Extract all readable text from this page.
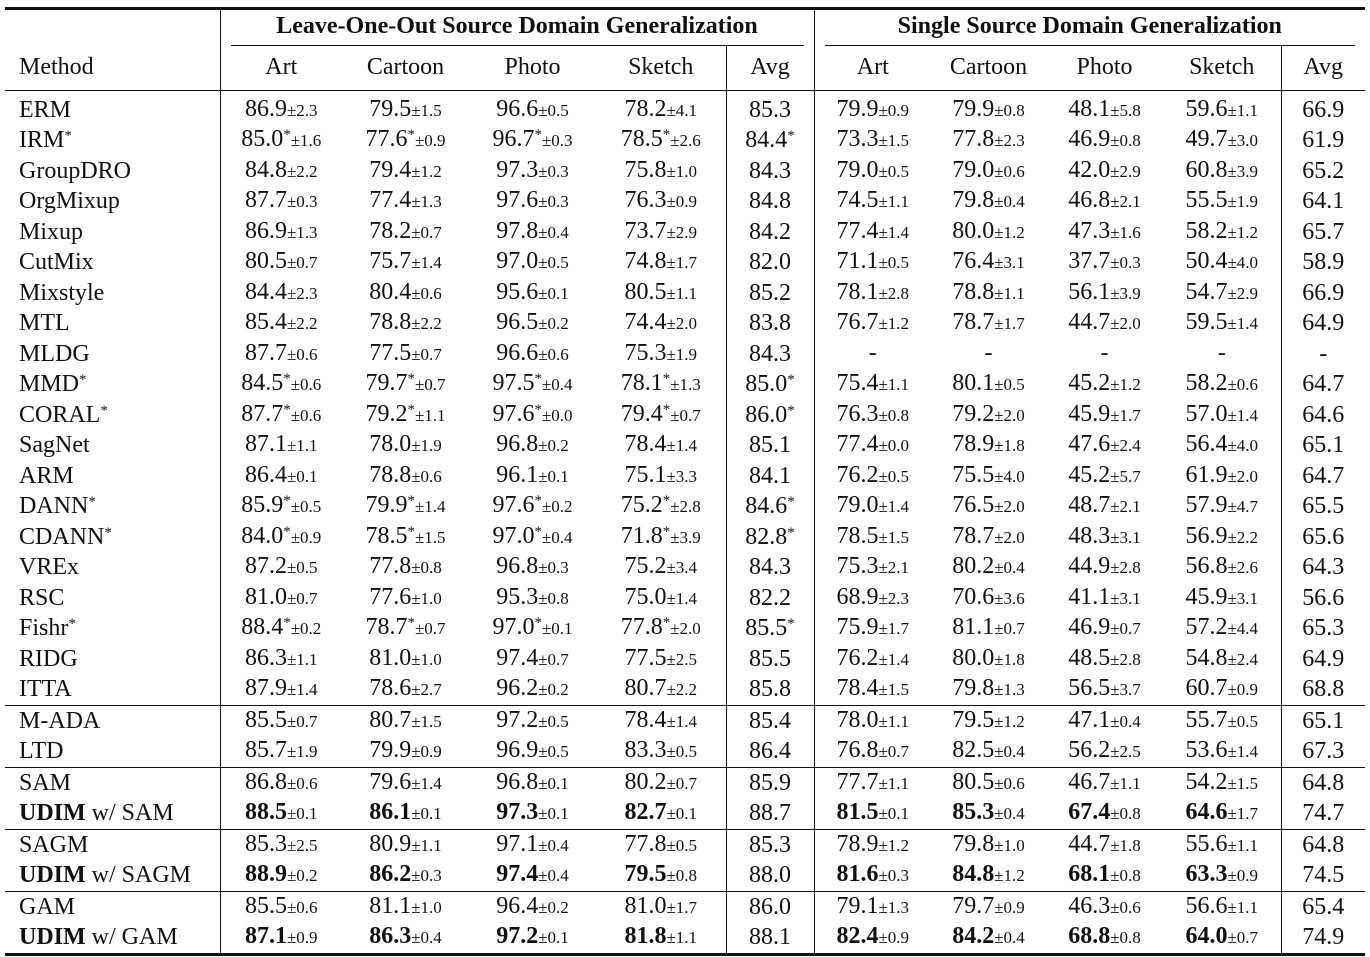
	Leave-One-Out Source Domain Generalization					Single Source Domain Generalization				

Method	Art	Cartoon	Photo	Sketch	Avg	Art	Cartoon	Photo	Sketch	Avg
ERM	86.9±2.3	79.5±1.5	96.6±0.5	78.2±4.1	85.3	79.9±0.9	79.9±0.8	48.1±5.8	59.6±1.1	66.9
IRM*	85.0*±1.6	77.6*±0.9	96.7*±0.3	78.5*±2.6	84.4*	73.3±1.5	77.8±2.3	46.9±0.8	49.7±3.0	61.9
GroupDRO	84.8±2.2	79.4±1.2	97.3±0.3	75.8±1.0	84.3	79.0±0.5	79.0±0.6	42.0±2.9	60.8±3.9	65.2
OrgMixup	87.7±0.3	77.4±1.3	97.6±0.3	76.3±0.9	84.8	74.5±1.1	79.8±0.4	46.8±2.1	55.5±1.9	64.1
Mixup	86.9±1.3	78.2±0.7	97.8±0.4	73.7±2.9	84.2	77.4±1.4	80.0±1.2	47.3±1.6	58.2±1.2	65.7
CutMix	80.5±0.7	75.7±1.4	97.0±0.5	74.8±1.7	82.0	71.1±0.5	76.4±3.1	37.7±0.3	50.4±4.0	58.9
Mixstyle	84.4±2.3	80.4±0.6	95.6±0.1	80.5±1.1	85.2	78.1±2.8	78.8±1.1	56.1±3.9	54.7±2.9	66.9
MTL	85.4±2.2	78.8±2.2	96.5±0.2	74.4±2.0	83.8	76.7±1.2	78.7±1.7	44.7±2.0	59.5±1.4	64.9
MLDG	87.7±0.6	77.5±0.7	96.6±0.6	75.3±1.9	84.3	-	-	-	-	-
MMD*	84.5*±0.6	79.7*±0.7	97.5*±0.4	78.1*±1.3	85.0*	75.4±1.1	80.1±0.5	45.2±1.2	58.2±0.6	64.7
CORAL*	87.7*±0.6	79.2*±1.1	97.6*±0.0	79.4*±0.7	86.0*	76.3±0.8	79.2±2.0	45.9±1.7	57.0±1.4	64.6
SagNet	87.1±1.1	78.0±1.9	96.8±0.2	78.4±1.4	85.1	77.4±0.0	78.9±1.8	47.6±2.4	56.4±4.0	65.1
ARM	86.4±0.1	78.8±0.6	96.1±0.1	75.1±3.3	84.1	76.2±0.5	75.5±4.0	45.2±5.7	61.9±2.0	64.7
DANN*	85.9*±0.5	79.9*±1.4	97.6*±0.2	75.2*±2.8	84.6*	79.0±1.4	76.5±2.0	48.7±2.1	57.9±4.7	65.5
CDANN*	84.0*±0.9	78.5*±1.5	97.0*±0.4	71.8*±3.9	82.8*	78.5±1.5	78.7±2.0	48.3±3.1	56.9±2.2	65.6
VREx	87.2±0.5	77.8±0.8	96.8±0.3	75.2±3.4	84.3	75.3±2.1	80.2±0.4	44.9±2.8	56.8±2.6	64.3
RSC	81.0±0.7	77.6±1.0	95.3±0.8	75.0±1.4	82.2	68.9±2.3	70.6±3.6	41.1±3.1	45.9±3.1	56.6
Fishr*	88.4*±0.2	78.7*±0.7	97.0*±0.1	77.8*±2.0	85.5*	75.9±1.7	81.1±0.7	46.9±0.7	57.2±4.4	65.3
RIDG	86.3±1.1	81.0±1.0	97.4±0.7	77.5±2.5	85.5	76.2±1.4	80.0±1.8	48.5±2.8	54.8±2.4	64.9
ITTA	87.9±1.4	78.6±2.7	96.2±0.2	80.7±2.2	85.8	78.4±1.5	79.8±1.3	56.5±3.7	60.7±0.9	68.8
M-ADA	85.5±0.7	80.7±1.5	97.2±0.5	78.4±1.4	85.4	78.0±1.1	79.5±1.2	47.1±0.4	55.7±0.5	65.1
LTD	85.7±1.9	79.9±0.9	96.9±0.5	83.3±0.5	86.4	76.8±0.7	82.5±0.4	56.2±2.5	53.6±1.4	67.3
SAM	86.8±0.6	79.6±1.4	96.8±0.1	80.2±0.7	85.9	77.7±1.1	80.5±0.6	46.7±1.1	54.2±1.5	64.8
UDIM w/ SAM	88.5±0.1	86.1±0.1	97.3±0.1	82.7±0.1	88.7	81.5±0.1	85.3±0.4	67.4±0.8	64.6±1.7	74.7
SAGM	85.3±2.5	80.9±1.1	97.1±0.4	77.8±0.5	85.3	78.9±1.2	79.8±1.0	44.7±1.8	55.6±1.1	64.8
UDIM w/ SAGM	88.9±0.2	86.2±0.3	97.4±0.4	79.5±0.8	88.0	81.6±0.3	84.8±1.2	68.1±0.8	63.3±0.9	74.5
GAM	85.5±0.6	81.1±1.0	96.4±0.2	81.0±1.7	86.0	79.1±1.3	79.7±0.9	46.3±0.6	56.6±1.1	65.4
UDIM w/ GAM	87.1±0.9	86.3±0.4	97.2±0.1	81.8±1.1	88.1	82.4±0.9	84.2±0.4	68.8±0.8	64.0±0.7	74.9
